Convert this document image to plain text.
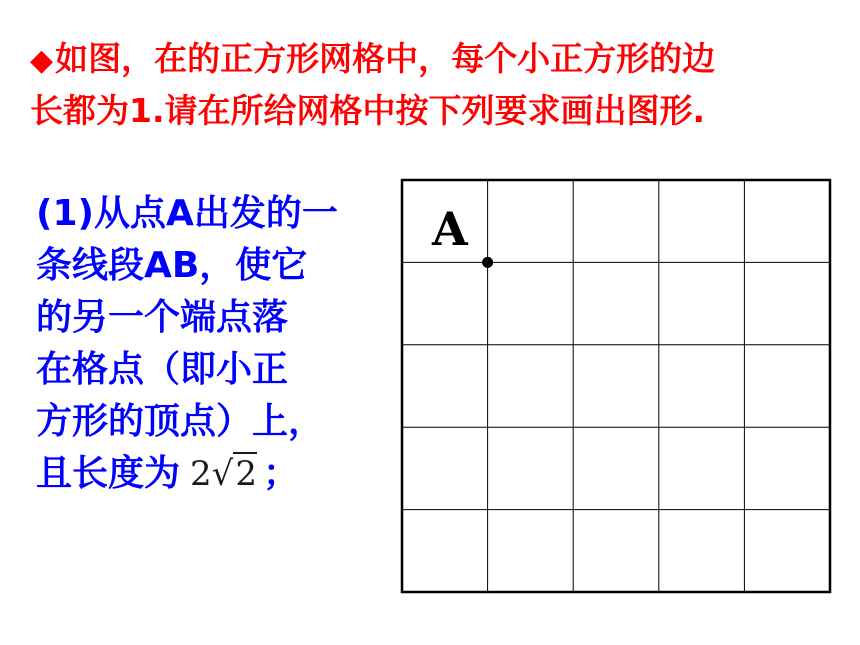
◆如图，在的正方形网格中，每个小正方形的边
长都为1.请在所给网格中按下列要求画出图形.
(1)从点A出发的一
条线段AB，使它
的另一个端点落
在格点（即小正
方形的顶点）上，
且长度为 2√2 ；
A
